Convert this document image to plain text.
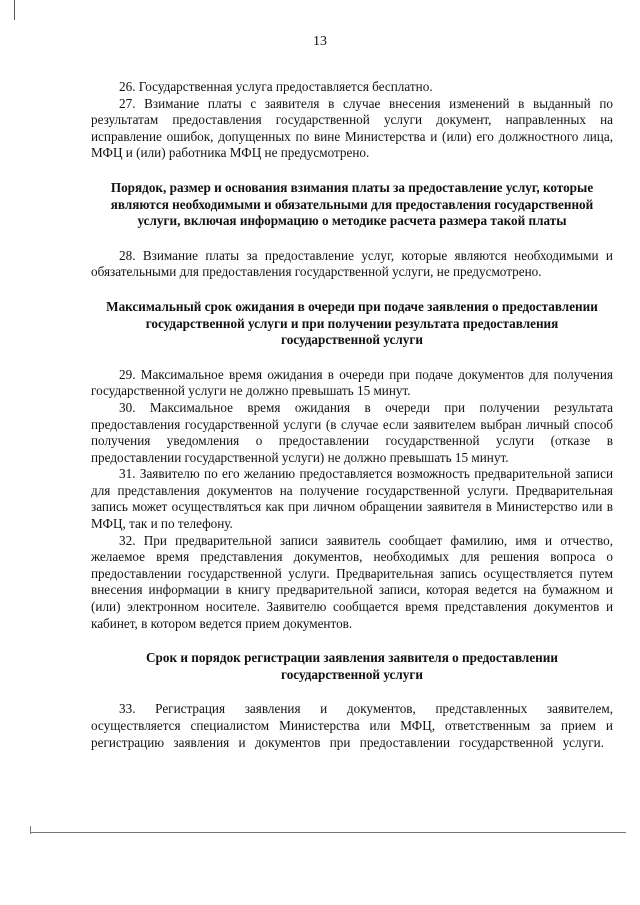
13

26. Государственная услуга предоставляется бесплатно.

27. Взимание платы с заявителя в случае внесения изменений в выданный по результатам предоставления государственной услуги документ, направленных на исправление ошибок, допущенных по вине Министерства и (или) его должностного лица, МФЦ и (или) работника МФЦ не предусмотрено.

Порядок, размер и основания взимания платы за предоставление услуг, которые являются необходимыми и обязательными для предоставления государственной услуги, включая информацию о методике расчета размера такой платы

28. Взимание платы за предоставление услуг, которые являются необходимыми и обязательными для предоставления государственной услуги, не предусмотрено.

Максимальный срок ожидания в очереди при подаче заявления о предоставлении государственной услуги и при получении результата предоставления государственной услуги

29. Максимальное время ожидания в очереди при подаче документов для получения государственной услуги не должно превышать 15 минут.

30. Максимальное время ожидания в очереди при получении результата предоставления государственной услуги (в случае если заявителем выбран личный способ получения уведомления о предоставлении государственной услуги (отказе в предоставлении государственной услуги) не должно превышать 15 минут.

31. Заявителю по его желанию предоставляется возможность предварительной записи для представления документов на получение государственной услуги. Предварительная запись может осуществляться как при личном обращении заявителя в Министерство или в МФЦ, так и по телефону.

32. При предварительной записи заявитель сообщает фамилию, имя и отчество, желаемое время представления документов, необходимых для решения вопроса о предоставлении государственной услуги. Предварительная запись осуществляется путем внесения информации в книгу предварительной записи, которая ведется на бумажном и (или) электронном носителе. Заявителю сообщается время представления документов и кабинет, в котором ведется прием документов.

Срок и порядок регистрации заявления заявителя о предоставлении государственной услуги

33. Регистрация заявления и документов, представленных заявителем, осуществляется специалистом Министерства или МФЦ, ответственным за прием и регистрацию заявления и документов при предоставлении государственной услуги.
